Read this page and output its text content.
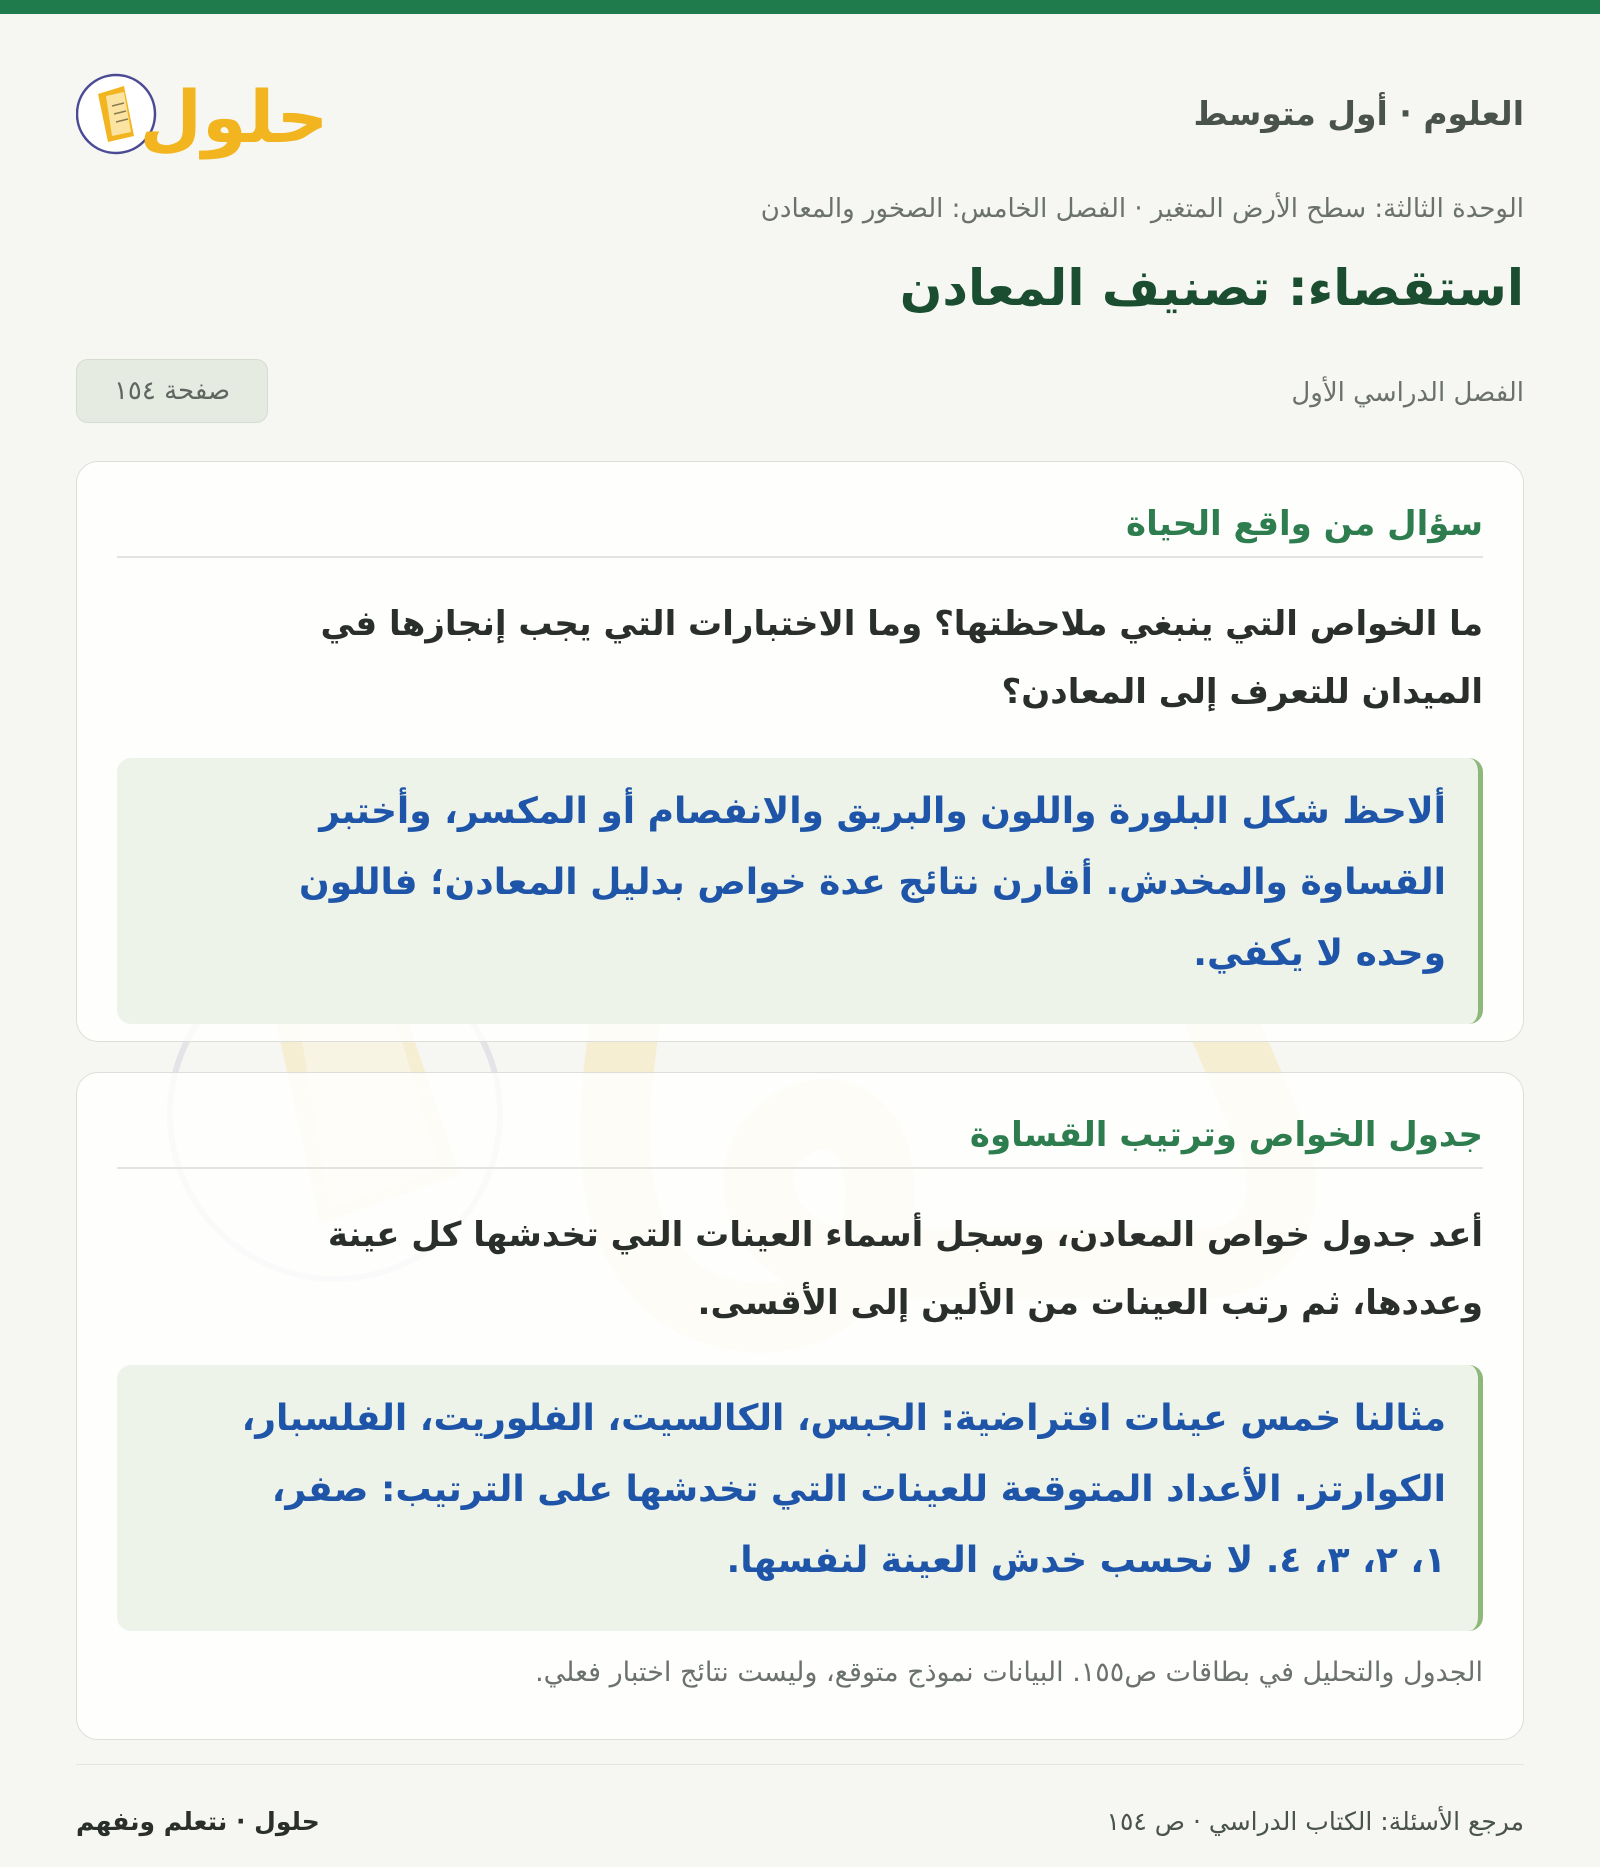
حلول	العلوم · أول متوسط
الوحدة الثالثة: سطح الأرض المتغير · الفصل الخامس: الصخور والمعادن
استقصاء: تصنيف المعادن
الفصل الدراسي الأول
صفحة ١٥٤
سؤال من واقع الحياة
ما الخواص التي ينبغي ملاحظتها؟ وما الاختبارات التي يجب إنجازها في
الميدان للتعرف إلى المعادن؟
ألاحظ شكل البلورة واللون والبريق والانفصام أو المكسر، وأختبر
القساوة والمخدش. أقارن نتائج عدة خواص بدليل المعادن؛ فاللون
وحده لا يكفي.
جدول الخواص وترتيب القساوة
أعد جدول خواص المعادن، وسجل أسماء العينات التي تخدشها كل عينة
وعددها، ثم رتب العينات من الألين إلى الأقسى.
مثالنا خمس عينات افتراضية: الجبس، الكالسيت، الفلوريت، الفلسبار،
الكوارتز. الأعداد المتوقعة للعينات التي تخدشها على الترتيب: صفر،
١، ٢، ٣، ٤. لا نحسب خدش العينة لنفسها.
الجدول والتحليل في بطاقات ص١٥٥. البيانات نموذج متوقع، وليست نتائج اختبار فعلي.
مرجع الأسئلة: الكتاب الدراسي · ص ١٥٤
حلول · نتعلم ونفهم
